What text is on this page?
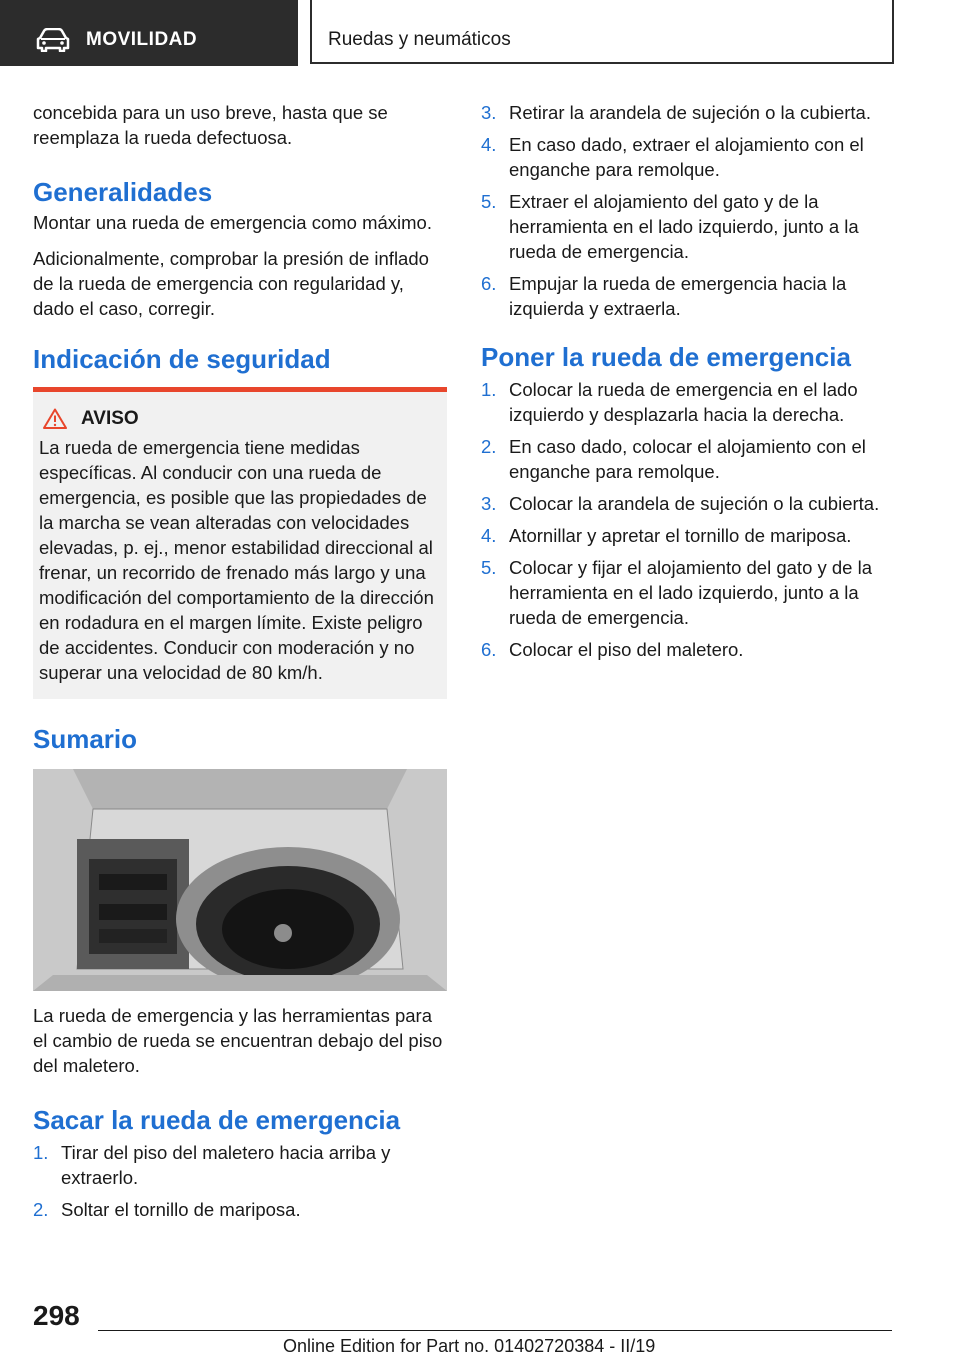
MOVILIDAD	Ruedas y neumáticos

concebida para un uso breve, hasta que se reemplaza la rueda defectuosa.

Generalidades

Montar una rueda de emergencia como máximo.

Adicionalmente, comprobar la presión de inflado de la rueda de emergencia con regularidad y, dado el caso, corregir.

Indicación de seguridad
AVISO

La rueda de emergencia tiene medidas específicas. Al conducir con una rueda de emergencia, es posible que las propiedades de la marcha se vean alteradas con velocidades elevadas, p. ej., menor estabilidad direccional al frenar, un recorrido de frenado más largo y una modificación del comportamiento de la dirección en rodadura en el margen límite. Existe peligro de accidentes. Conducir con moderación y no superar una velocidad de 80 km/h.

Sumario

La rueda de emergencia y las herramientas para el cambio de rueda se encuentran debajo del piso del maletero.

Sacar la rueda de emergencia
1. Tirar del piso del maletero hacia arriba y extraerlo.
2. Soltar el tornillo de mariposa.
3. Retirar la arandela de sujeción o la cubierta.
4. En caso dado, extraer el alojamiento con el enganche para remolque.
5. Extraer el alojamiento del gato y de la herramienta en el lado izquierdo, junto a la rueda de emergencia.
6. Empujar la rueda de emergencia hacia la izquierda y extraerla.
Poner la rueda de emergencia
1. Colocar la rueda de emergencia en el lado izquierdo y desplazarla hacia la derecha.
2. En caso dado, colocar el alojamiento con el enganche para remolque.
3. Colocar la arandela de sujeción o la cubierta.
4. Atornillar y apretar el tornillo de mariposa.
5. Colocar y fijar el alojamiento del gato y de la herramienta en el lado izquierdo, junto a la rueda de emergencia.
6. Colocar el piso del maletero.
298
Online Edition for Part no. 01402720384 - II/19
